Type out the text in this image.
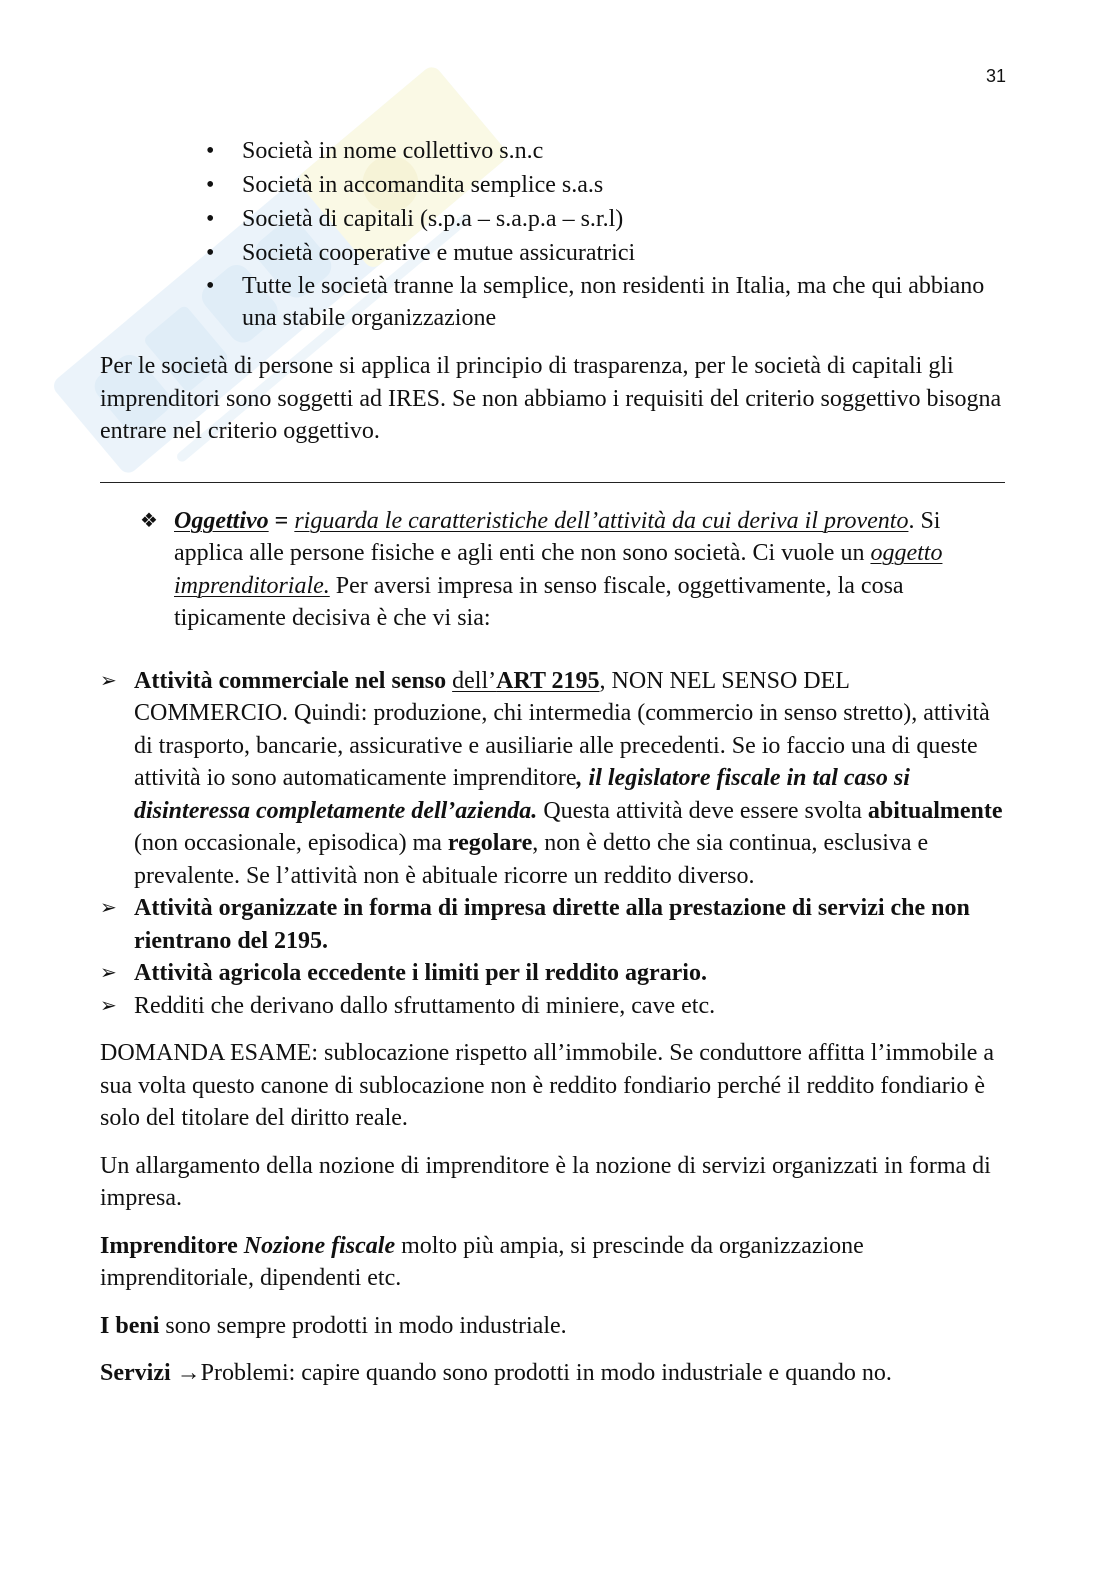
31
• Società in nome collettivo s.n.c
• Società in accomandita semplice s.a.s
• Società di capitali (s.p.a – s.a.p.a – s.r.l)
• Società cooperative e mutue assicuratrici
• Tutte le società tranne la semplice, non residenti in Italia, ma che qui abbiano una stabile organizzazione

Per le società di persone si applica il principio di trasparenza, per le società di capitali gli imprenditori sono soggetti ad IRES. Se non abbiamo i requisiti del criterio soggettivo bisogna entrare nel criterio oggettivo.

❖ Oggettivo = riguarda le caratteristiche dell’attività da cui deriva il provento. Si applica alle persone fisiche e agli enti che non sono società. Ci vuole un oggetto imprenditoriale. Per aversi impresa in senso fiscale, oggettivamente, la cosa tipicamente decisiva è che vi sia:

➢ Attività commerciale nel senso dell’ART 2195, NON NEL SENSO DEL COMMERCIO. Quindi: produzione, chi intermedia (commercio in senso stretto), attività di trasporto, bancarie, assicurative e ausiliarie alle precedenti. Se io faccio una di queste attività io sono automaticamente imprenditore, il legislatore fiscale in tal caso si disinteressa completamente dell’azienda. Questa attività deve essere svolta abitualmente (non occasionale, episodica) ma regolare, non è detto che sia continua, esclusiva e prevalente. Se l’attività non è abituale ricorre un reddito diverso.
➢ Attività organizzate in forma di impresa dirette alla prestazione di servizi che non rientrano del 2195.
➢ Attività agricola eccedente i limiti per il reddito agrario.
➢ Redditi che derivano dallo sfruttamento di miniere, cave etc.

DOMANDA ESAME: sublocazione rispetto all’immobile. Se conduttore affitta l’immobile a sua volta questo canone di sublocazione non è reddito fondiario perché il reddito fondiario è solo del titolare del diritto reale.

Un allargamento della nozione di imprenditore è la nozione di servizi organizzati in forma di impresa.

Imprenditore Nozione fiscale molto più ampia, si prescinde da organizzazione imprenditoriale, dipendenti etc.

I beni sono sempre prodotti in modo industriale.

Servizi →Problemi: capire quando sono prodotti in modo industriale e quando no.
